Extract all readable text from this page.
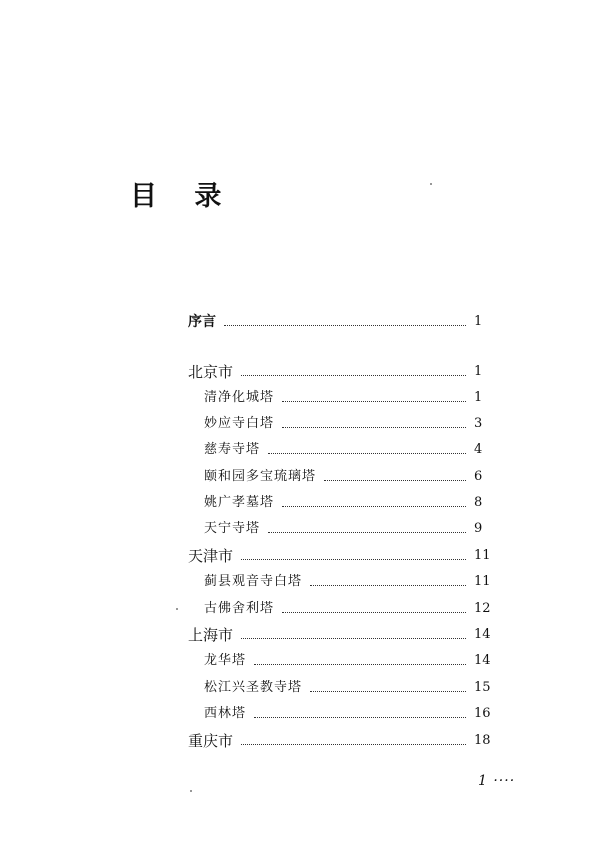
目 录
序言	1
北京市	1
清净化城塔	1
妙应寺白塔	3
慈寿寺塔	4
颐和园多宝琉璃塔	6
姚广孝墓塔	8
天宁寺塔	9
天津市	11
蓟县观音寺白塔	11
古佛舍利塔	12
上海市	14
龙华塔	14
松江兴圣教寺塔	15
西林塔	16
重庆市	18
1 ····
